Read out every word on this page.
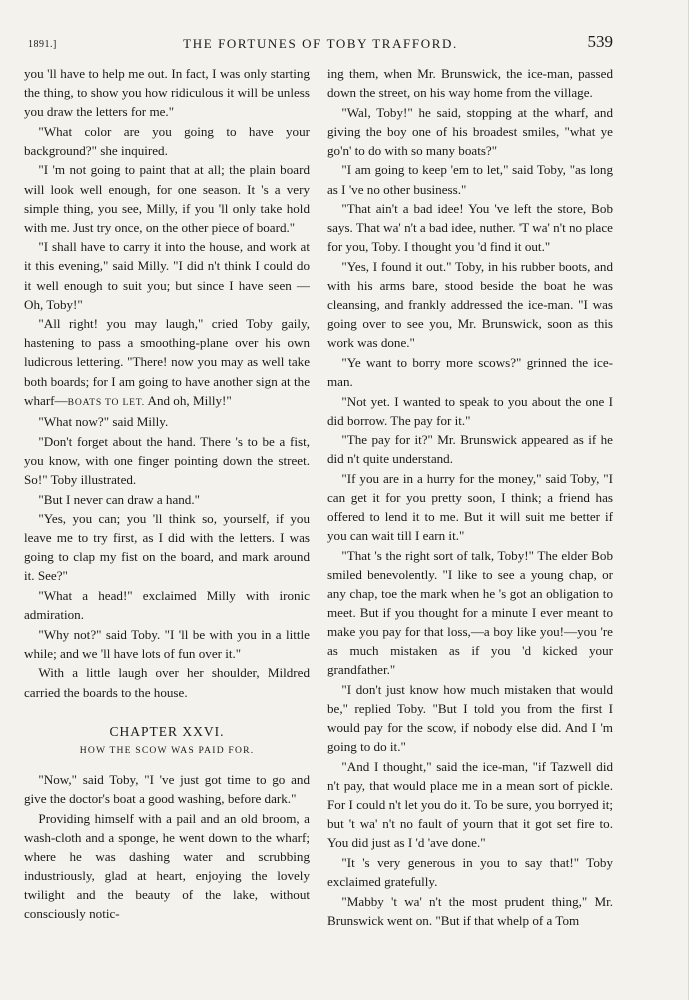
1891.]	THE FORTUNES OF TOBY TRAFFORD.	539

you 'll have to help me out. In fact, I was only starting the thing, to show you how ridiculous it will be unless you draw the letters for me."

"What color are you going to have your background?" she inquired.

"I 'm not going to paint that at all; the plain board will look well enough, for one season. It 's a very simple thing, you see, Milly, if you 'll only take hold with me. Just try once, on the other piece of board."

"I shall have to carry it into the house, and work at it this evening," said Milly. "I did n't think I could do it well enough to suit you; but since I have seen — Oh, Toby!"

"All right! you may laugh," cried Toby gaily, hastening to pass a smoothing-plane over his own ludicrous lettering. "There! now you may as well take both boards; for I am going to have another sign at the wharf—BOATS TO LET. And oh, Milly!"

"What now?" said Milly.

"Don't forget about the hand. There 's to be a fist, you know, with one finger pointing down the street. So!" Toby illustrated.

"But I never can draw a hand."

"Yes, you can; you 'll think so, yourself, if you leave me to try first, as I did with the letters. I was going to clap my fist on the board, and mark around it. See?"

"What a head!" exclaimed Milly with ironic admiration.

"Why not?" said Toby. "I 'll be with you in a little while; and we 'll have lots of fun over it."

With a little laugh over her shoulder, Mildred carried the boards to the house.

CHAPTER XXVI.

HOW THE SCOW WAS PAID FOR.

"Now," said Toby, "I 've just got time to go and give the doctor's boat a good washing, before dark."

Providing himself with a pail and an old broom, a wash-cloth and a sponge, he went down to the wharf; where he was dashing water and scrubbing industriously, glad at heart, enjoying the lovely twilight and the beauty of the lake, without consciously notic-

ing them, when Mr. Brunswick, the ice-man, passed down the street, on his way home from the village.

"Wal, Toby!" he said, stopping at the wharf, and giving the boy one of his broadest smiles, "what ye go'n' to do with so many boats?"

"I am going to keep 'em to let," said Toby, "as long as I 've no other business."

"That ain't a bad idee! You 've left the store, Bob says. That wa' n't a bad idee, nuther. 'T wa' n't no place for you, Toby. I thought you 'd find it out."

"Yes, I found it out." Toby, in his rubber boots, and with his arms bare, stood beside the boat he was cleansing, and frankly addressed the ice-man. "I was going over to see you, Mr. Brunswick, soon as this work was done."

"Ye want to borry more scows?" grinned the ice-man.

"Not yet. I wanted to speak to you about the one I did borrow. The pay for it."

"The pay for it?" Mr. Brunswick appeared as if he did n't quite understand.

"If you are in a hurry for the money," said Toby, "I can get it for you pretty soon, I think; a friend has offered to lend it to me. But it will suit me better if you can wait till I earn it."

"That 's the right sort of talk, Toby!" The elder Bob smiled benevolently. "I like to see a young chap, or any chap, toe the mark when he 's got an obligation to meet. But if you thought for a minute I ever meant to make you pay for that loss,—a boy like you!—you 're as much mistaken as if you 'd kicked your grandfather."

"I don't just know how much mistaken that would be," replied Toby. "But I told you from the first I would pay for the scow, if nobody else did. And I 'm going to do it."

"And I thought," said the ice-man, "if Tazwell did n't pay, that would place me in a mean sort of pickle. For I could n't let you do it. To be sure, you borryed it; but 't wa' n't no fault of yourn that it got set fire to. You did just as I 'd 'ave done."

"It 's very generous in you to say that!" Toby exclaimed gratefully.

"Mabby 't wa' n't the most prudent thing," Mr. Brunswick went on. "But if that whelp of a Tom
